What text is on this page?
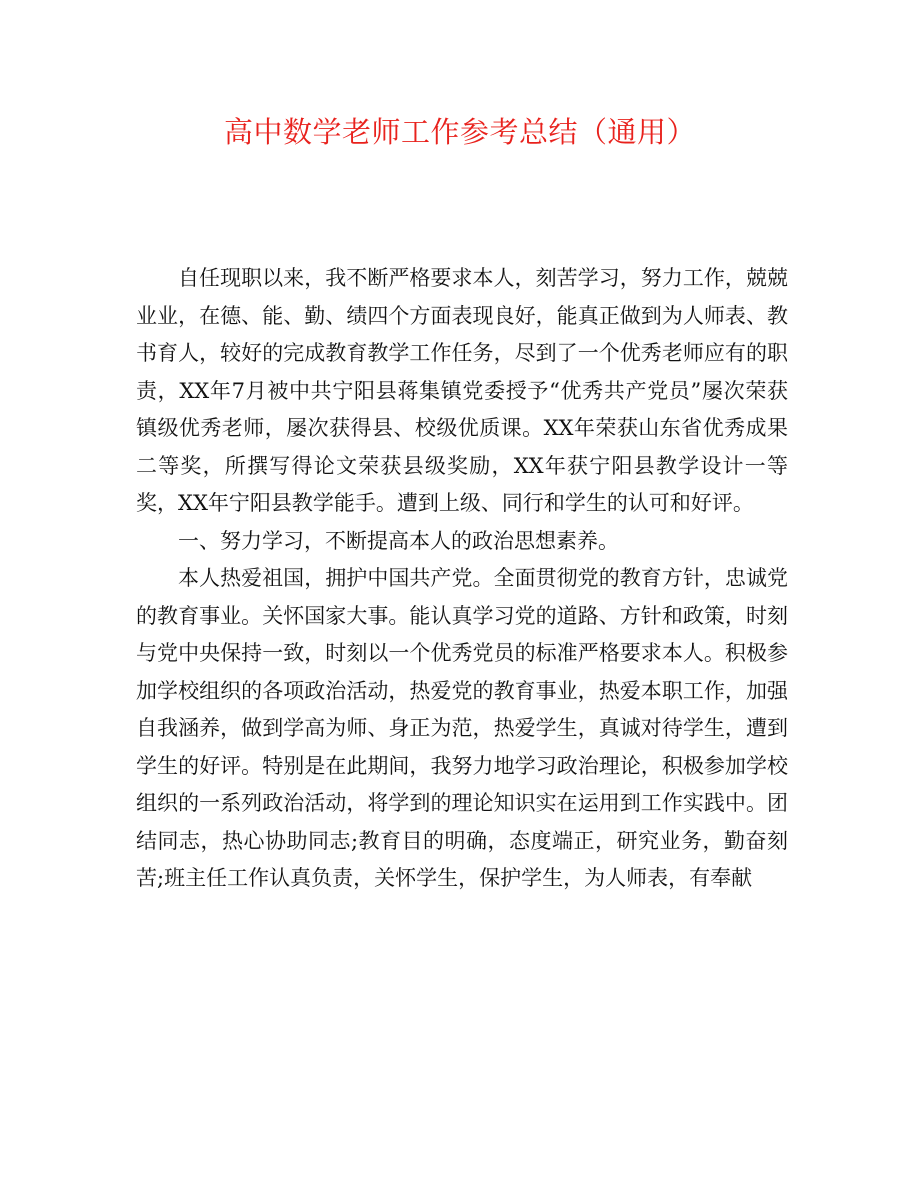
高中数学老师工作参考总结（通用）

自任现职以来，我不断严格要求本人，刻苦学习，努力工作，兢兢业业，在德、能、勤、绩四个方面表现良好，能真正做到为人师表、教书育人，较好的完成教育教学工作任务，尽到了一个优秀老师应有的职责，XX年7月被中共宁阳县蒋集镇党委授予“优秀共产党员”屡次荣获镇级优秀老师，屡次获得县、校级优质课。XX年荣获山东省优秀成果二等奖，所撰写得论文荣获县级奖励，XX年获宁阳县教学设计一等奖，XX年宁阳县教学能手。遭到上级、同行和学生的认可和好评。

一、努力学习，不断提高本人的政治思想素养。

本人热爱祖国，拥护中国共产党。全面贯彻党的教育方针，忠诚党的教育事业。关怀国家大事。能认真学习党的道路、方针和政策，时刻与党中央保持一致，时刻以一个优秀党员的标准严格要求本人。积极参加学校组织的各项政治活动，热爱党的教育事业，热爱本职工作，加强自我涵养，做到学高为师、身正为范，热爱学生，真诚对待学生，遭到学生的好评。特别是在此期间，我努力地学习政治理论，积极参加学校组织的一系列政治活动，将学到的理论知识实在运用到工作实践中。团结同志，热心协助同志;教育目的明确，态度端正，研究业务，勤奋刻苦;班主任工作认真负责，关怀学生，保护学生，为人师表，有奉献
